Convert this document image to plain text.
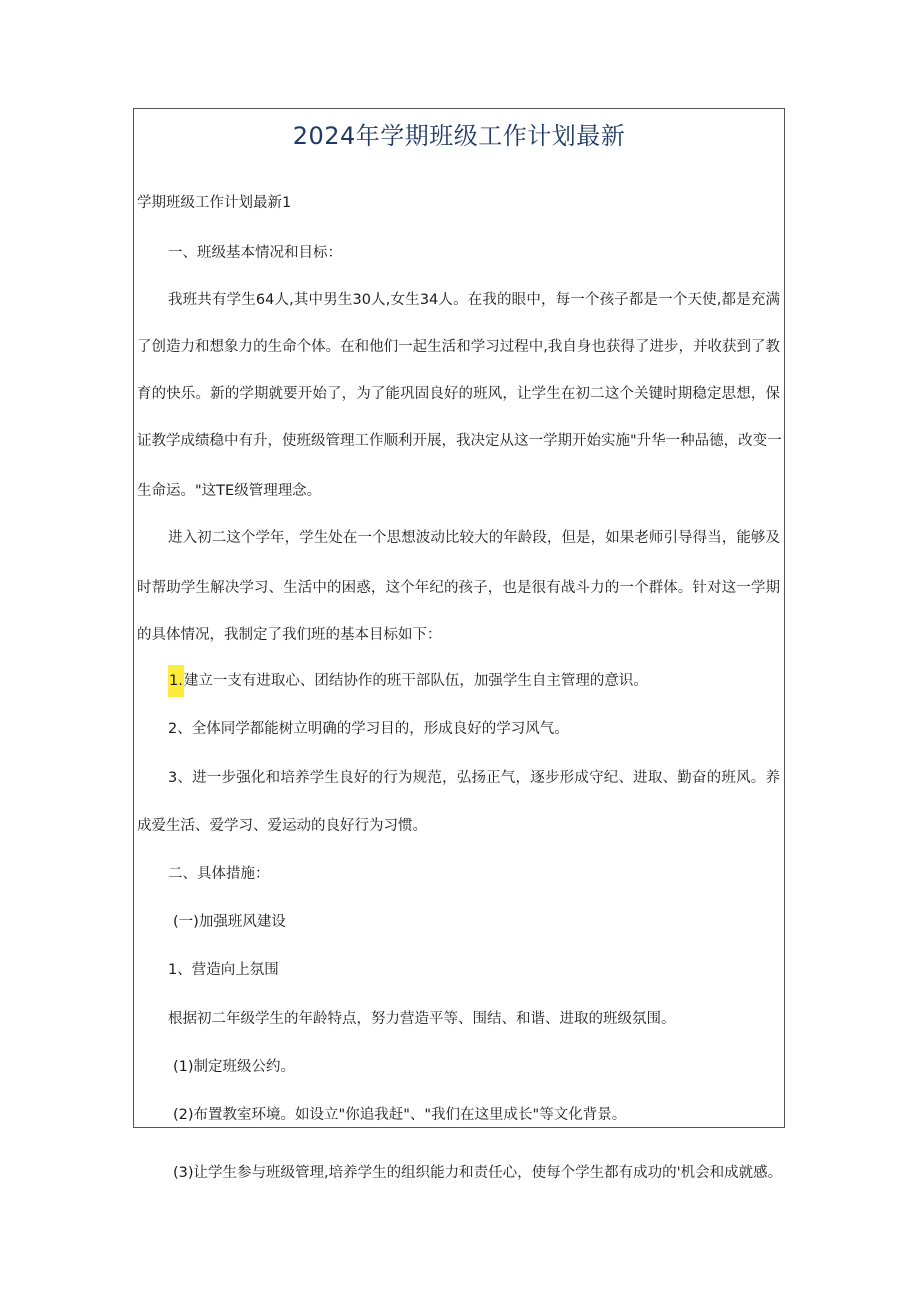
2024年学期班级工作计划最新
学期班级工作计划最新1
一、班级基本情况和目标：
我班共有学生64人,其中男生30人,女生34人。在我的眼中，每一个孩子都是一个天使,都是充满
了创造力和想象力的生命个体。在和他们一起生活和学习过程中,我自身也获得了进步，并收获到了教
育的快乐。新的学期就要开始了，为了能巩固良好的班风，让学生在初二这个关键时期稳定思想，保
证教学成绩稳中有升，使班级管理工作顺利开展，我决定从这一学期开始实施"升华一种品德，改变一
生命运。"这TE级管理理念。
进入初二这个学年，学生处在一个思想波动比较大的年龄段，但是，如果老师引导得当，能够及
时帮助学生解决学习、生活中的困惑，这个年纪的孩子，也是很有战斗力的一个群体。针对这一学期
的具体情况，我制定了我们班的基本目标如下：
1.建立一支有进取心、团结协作的班干部队伍，加强学生自主管理的意识。
2、全体同学都能树立明确的学习目的，形成良好的学习风气。
3、进一步强化和培养学生良好的行为规范，弘扬正气，逐步形成守纪、进取、勤奋的班风。养
成爱生活、爱学习、爱运动的良好行为习惯。
二、具体措施：
(一)加强班风建设
1、营造向上氛围
根据初二年级学生的年龄特点，努力营造平等、围结、和谐、进取的班级氛围。
(1)制定班级公约。
(2)布置教室环境。如设立"你追我赶"、"我们在这里成长"等文化背景。
(3)让学生参与班级管理,培养学生的组织能力和责任心，使每个学生都有成功的'机会和成就感。
